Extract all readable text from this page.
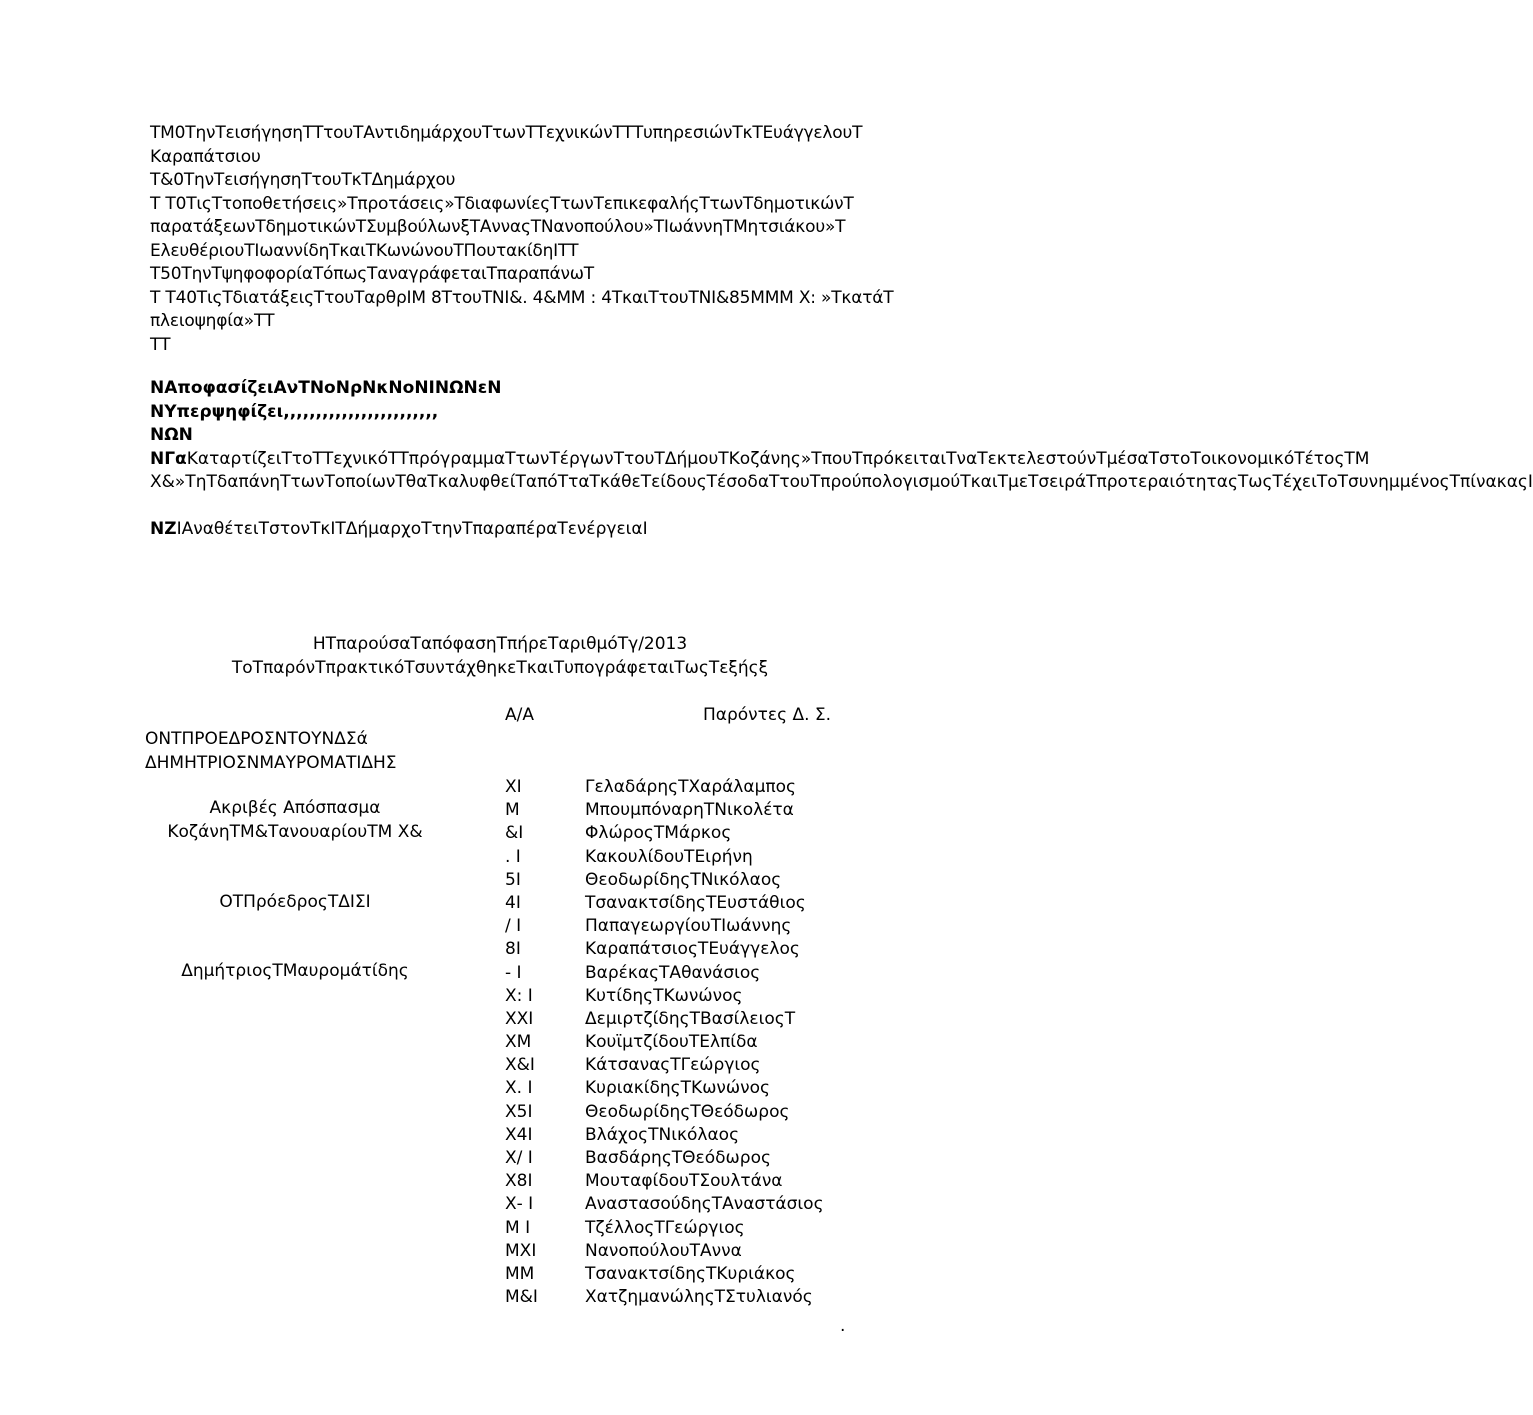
ΤΜ0ΤηνΤεισήγησηΤΤτουΤΑντιδημάρχουΤτωνΤΤεχνικώνΤΤΤυπηρεσιώνΤκΤΕυάγγελουΤ

Καραπάτσιου

Τ&0ΤηνΤεισήγησηΤτουΤκΤΔημάρχου

Τ Τ0ΤιςΤτοποθετήσεις»Τπροτάσεις»ΤδιαφωνίεςΤτωνΤεπικεφαλήςΤτωνΤδημοτικώνΤ

παρατάξεωνΤδημοτικώνΤΣυμβούλωνξΤΑνναςΤΝανοπούλου»ΤΙωάννηΤΜητσιάκου»Τ

ΕλευθέριουΤΙωαννίδηΤκαιΤΚωνώνουΤΠουτακίδηΙΤΤ

Τ50ΤηνΤψηφοφορίαΤόπωςΤαναγράφεταιΤπαραπάνωΤ

Τ Τ40ΤιςΤδιατάξειςΤτουΤαρθρΙΜ 8ΤτουΤΝΙ&. 4&ΜΜ : 4ΤκαιΤτουΤΝΙ&85ΜΜΜ Χ: »ΤκατάΤ

πλειοψηφία»ΤΤ

ΤΤ

ΝΑποφασίζειΑνΤΝοΝρΝκΝοΝΙΝΩΝεΝ

ΝΥπερψηφίζει,,,,,,,,,,,,,,,,,,,,,,,,

ΝΩΝ

ΝΓαΚαταρτίζειΤτοΤΤεχνικόΤΤπρόγραμμαΤτωνΤέργωνΤτουΤΔήμουΤΚοζάνης»ΤπουΤπρόκειταιΤναΤεκτελεστούνΤμέσαΤστοΤοικονομικόΤέτοςΤΜ Χ&»ΤηΤδαπάνηΤτωνΤοποίωνΤθαΤκαλυφθείΤαπόΤταΤκάθεΤείδουςΤέσοδαΤτουΤπρούπολογισμούΤκαιΤμεΤσειράΤπροτεραιότηταςΤωςΤέχειΤοΤσυνημμένοςΤπίνακαςΙ

ΝΖΙΑναθέτειΤστονΤκΙΤΔήμαρχοΤτηνΤπαραπέραΤενέργειαΙ

ΗΤπαρούσαΤαπόφασηΤπήρεΤαριθμόΤγ/2013

ΤοΤπαρόνΤπρακτικόΤσυντάχθηκεΤκαιΤυπογράφεταιΤωςΤεξήςξ

Α/Α	Παρόντες Δ. Σ.

ΟΝΤΠΡΟΕΔΡΟΣΝΤΟΥΝΔΣά

ΔΗΜΗΤΡΙΟΣΝΜΑΥΡΟΜΑΤΙΔΗΣ

Ακριβές Απόσπασμα

ΚοζάνηΤΜ&ΤανουαρίουΤΜ Χ&

ΟΤΠρόεδροςΤΔΙΣΙ
ΔημήτριοςΤΜαυρομάτίδης
ΧΙ	ΓελαδάρηςΤΧαράλαμπος
Μ	ΜπουμπόναρηΤΝικολέτα
&Ι	ΦλώροςΤΜάρκος
. Ι	ΚακουλίδουΤΕιρήνη
5Ι	ΘεοδωρίδηςΤΝικόλαος
4Ι	ΤσανακτσίδηςΤΕυστάθιος
/ Ι	ΠαπαγεωργίουΤΙωάννης
8Ι	ΚαραπάτσιοςΤΕυάγγελος
- Ι	ΒαρέκαςΤΑθανάσιος
Χ: Ι	ΚυτίδηςΤΚωνώνος
ΧΧΙ	ΔεμιρτζίδηςΤΒασίλειοςΤ
ΧΜ	ΚουϊμτζίδουΤΕλπίδα
Χ&Ι	ΚάτσαναςΤΓεώργιος
Χ. Ι	ΚυριακίδηςΤΚωνώνος
Χ5Ι	ΘεοδωρίδηςΤΘεόδωρος
Χ4Ι	ΒλάχοςΤΝικόλαος
Χ/ Ι	ΒασδάρηςΤΘεόδωρος
Χ8Ι	ΜουταφίδουΤΣουλτάνα
Χ- Ι	ΑναστασούδηςΤΑναστάσιος
Μ Ι	ΤζέλλοςΤΓεώργιος
ΜΧΙ	ΝανοπούλουΤΑννα
ΜΜ	ΤσανακτσίδηςΤΚυριάκος
Μ&Ι	ΧατζημανώληςΤΣτυλιανός
.
